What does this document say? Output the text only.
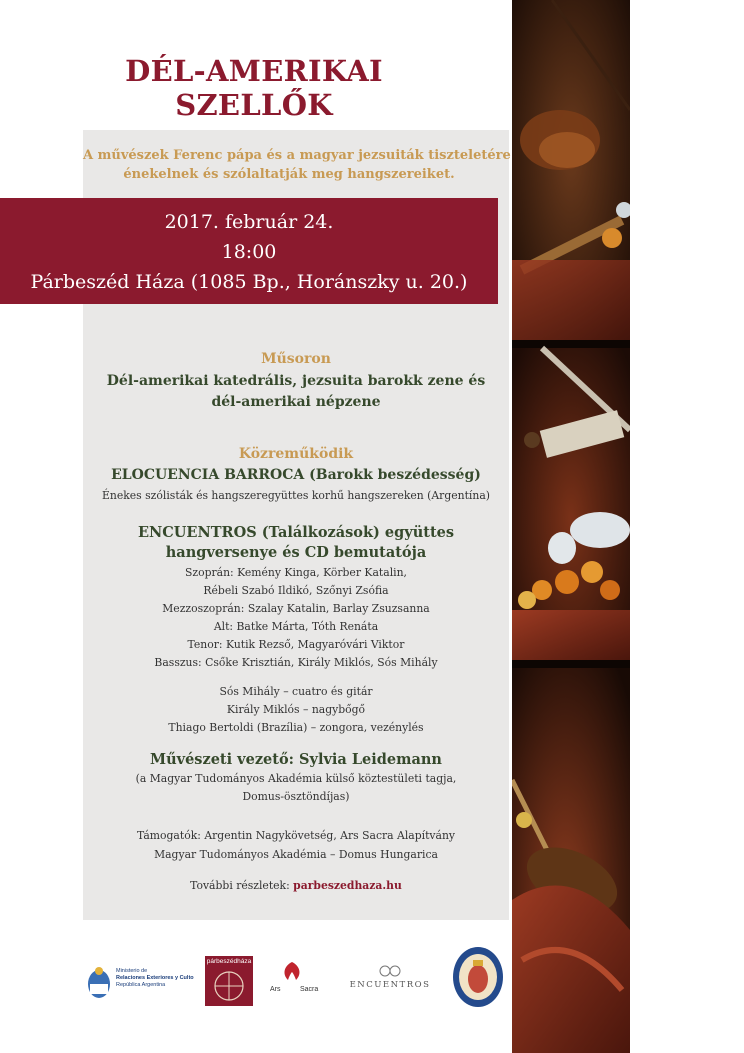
DÉL-AMERIKAI SZELLŐK
A művészek Ferenc pápa és a magyar jezsuiták tiszteletére
énekelnek és szólaltatják meg hangszereiket.
2017. február 24.
18:00
Párbeszéd Háza (1085 Bp., Horánszky u. 20.)
Műsoron
Dél-amerikai katedrális, jezsuita barokk zene és
dél-amerikai népzene
Közreműködik
ELOCUENCIA BARROCA (Barokk beszédesség)
Énekes szólisták és hangszeregyüttes korhű hangszereken (Argentína)
ENCUENTROS (Találkozások) együttes
hangversenye és CD bemutatója
Szoprán: Kemény Kinga, Körber Katalin,
Rébeli Szabó Ildikó, Szőnyi Zsófia
Mezzoszoprán: Szalay Katalin, Barlay Zsuzsanna
Alt: Batke Márta, Tóth Renáta
Tenor: Kutik Rezső, Magyaróvári Viktor
Basszus: Csőke Krisztián, Király Miklós, Sós Mihály
Sós Mihály – cuatro és gitár
Király Miklós – nagybőgő
Thiago Bertoldi (Brazília) – zongora, vezénylés
Művészeti vezető: Sylvia Leidemann
(a Magyar Tudományos Akadémia külső köztestületi tagja,
Domus-ösztöndíjas)
Támogatók: Argentin Nagykövetség, Ars Sacra Alapítvány
Magyar Tudományos Akadémia – Domus Hungarica
További részletek: parbeszedhaza.hu
Ministerio de
Relaciones Exteriores y Culto
República Argentina
párbeszédháza
Ars	Sacra	ENCUENTROS
